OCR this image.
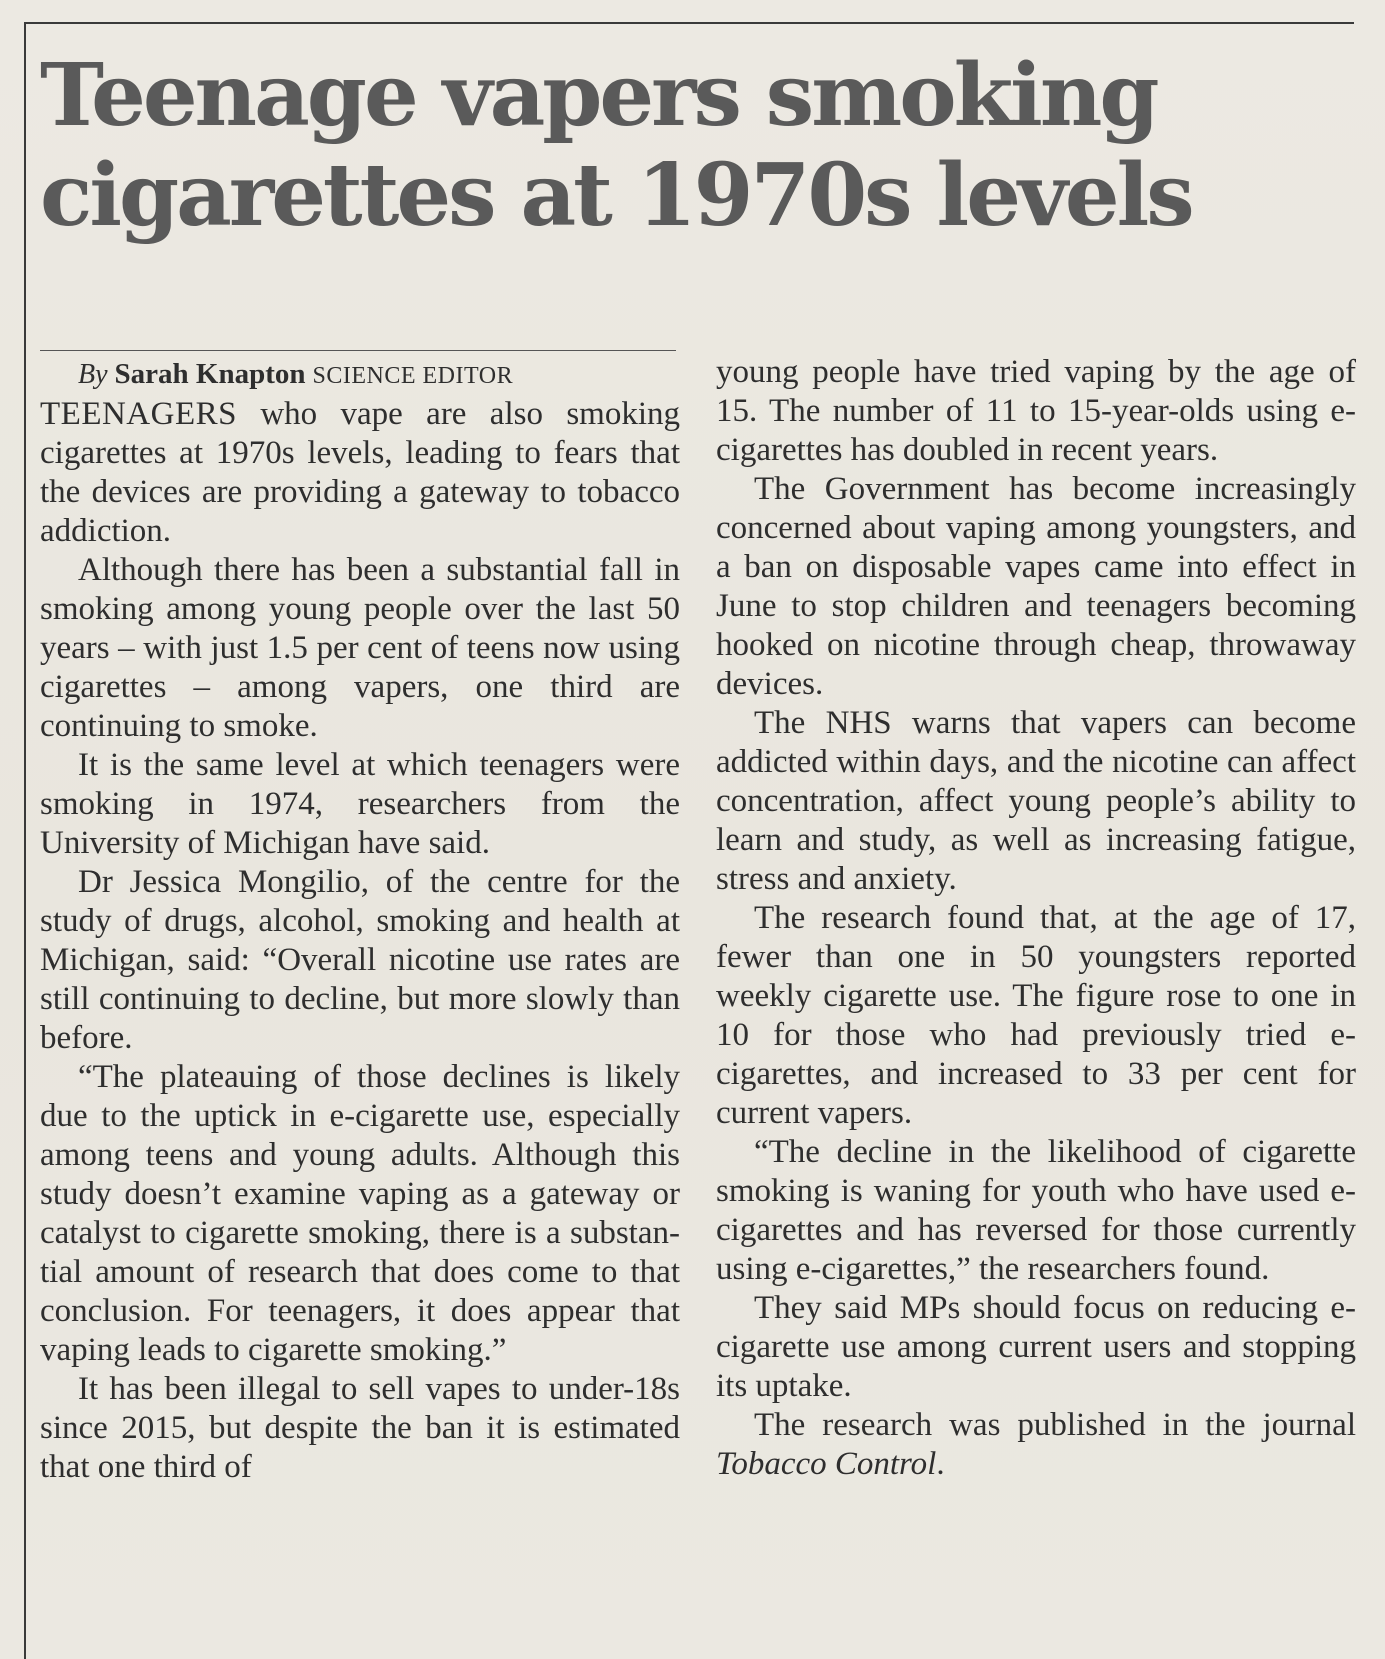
Teenage vapers smoking cigarettes at 1970s levels

By Sarah Knapton SCIENCE EDITOR

TEENAGERS who vape are also smoking cigarettes at 1970s levels, leading to fears that the devices are providing a gateway to tobacco addiction.

Although there has been a substantial fall in smoking among young people over the last 50 years – with just 1.5 per cent of teens now using cigarettes – among vapers, one third are continuing to smoke.

It is the same level at which teenagers were smoking in 1974, researchers from the University of Michigan have said.

Dr Jessica Mongilio, of the centre for the study of drugs, alcohol, smoking and health at Michigan, said: “Overall nicotine use rates are still continuing to decline, but more slowly than before.

“The plateauing of those declines is likely due to the uptick in e-cigarette use, especially among teens and young adults. Although this study doesn’t examine vaping as a gateway or catalyst to cigarette smoking, there is a substantial amount of research that does come to that conclusion. For teenagers, it does appear that vaping leads to cigarette smoking.”

It has been illegal to sell vapes to under-18s since 2015, but despite the ban it is estimated that one third of

young people have tried vaping by the age of 15. The number of 11 to 15-year-olds using e-cigarettes has doubled in recent years.

The Government has become increasingly concerned about vaping among youngsters, and a ban on disposable vapes came into effect in June to stop children and teenagers becoming hooked on nicotine through cheap, throwaway devices.

The NHS warns that vapers can become addicted within days, and the nicotine can affect concentration, affect young people’s ability to learn and study, as well as increasing fatigue, stress and anxiety.

The research found that, at the age of 17, fewer than one in 50 youngsters reported weekly cigarette use. The figure rose to one in 10 for those who had previously tried e-cigarettes, and increased to 33 per cent for current vapers.

“The decline in the likelihood of cigarette smoking is waning for youth who have used e-cigarettes and has reversed for those currently using e-cigarettes,” the researchers found.

They said MPs should focus on reducing e-cigarette use among current users and stopping its uptake.

The research was published in the journal Tobacco Control.
